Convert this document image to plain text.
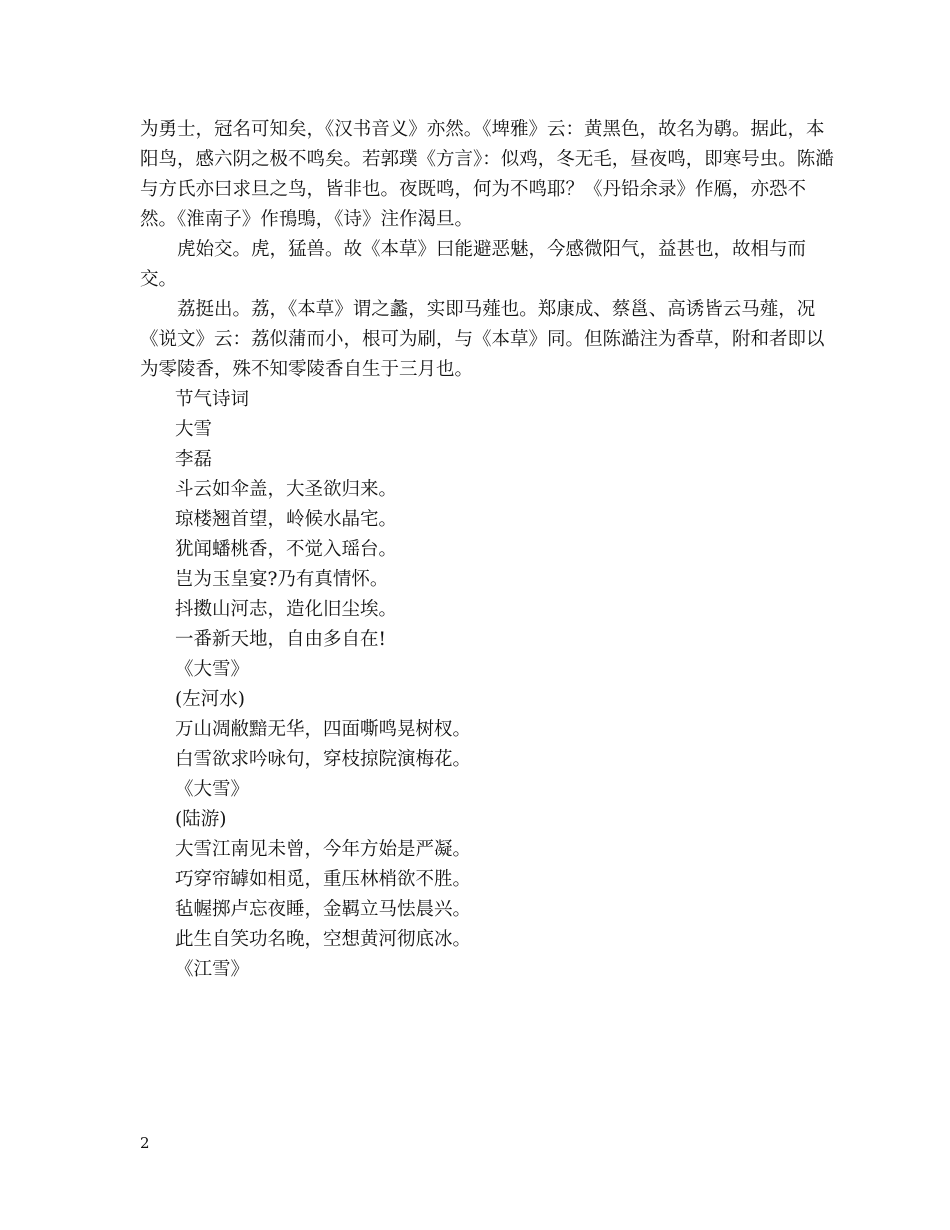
为勇士，冠名可知矣，《汉书音义》亦然。《埤雅》云：黄黑色，故名为鹖。据此，本阳鸟，感六阴之极不鸣矣。若郭璞《方言》：似鸡，冬无毛，昼夜鸣，即寒号虫。陈澔与方氏亦曰求旦之鸟，皆非也。夜既鸣，何为不鸣耶？《丹铅余录》作鴈，亦恐不然。《淮南子》作鳱鴠，《诗》注作渴旦。

虎始交。虎，猛兽。故《本草》曰能避恶魅，今感微阳气，益甚也，故相与而交。

荔挺出。荔，《本草》谓之蠡，实即马薤也。郑康成、蔡邕、高诱皆云马薤，况《说文》云：荔似蒲而小，根可为刷，与《本草》同。但陈澔注为香草，附和者即以为零陵香，殊不知零陵香自生于三月也。

节气诗词

大雪

李磊

斗云如伞盖，大圣欲归来。

琼楼翘首望，岭候水晶宅。

犹闻蟠桃香，不觉入瑶台。

岂为玉皇宴?乃有真情怀。

抖擞山河志，造化旧尘埃。

一番新天地，自由多自在!

《大雪》

(左河水)

万山凋敝黯无华，四面嘶鸣晃树杈。

白雪欲求吟咏句，穿枝掠院演梅花。

《大雪》

(陆游)

大雪江南见未曾，今年方始是严凝。

巧穿帘罅如相觅，重压林梢欲不胜。

毡幄掷卢忘夜睡，金羁立马怯晨兴。

此生自笑功名晚，空想黄河彻底冰。

《江雪》

2
